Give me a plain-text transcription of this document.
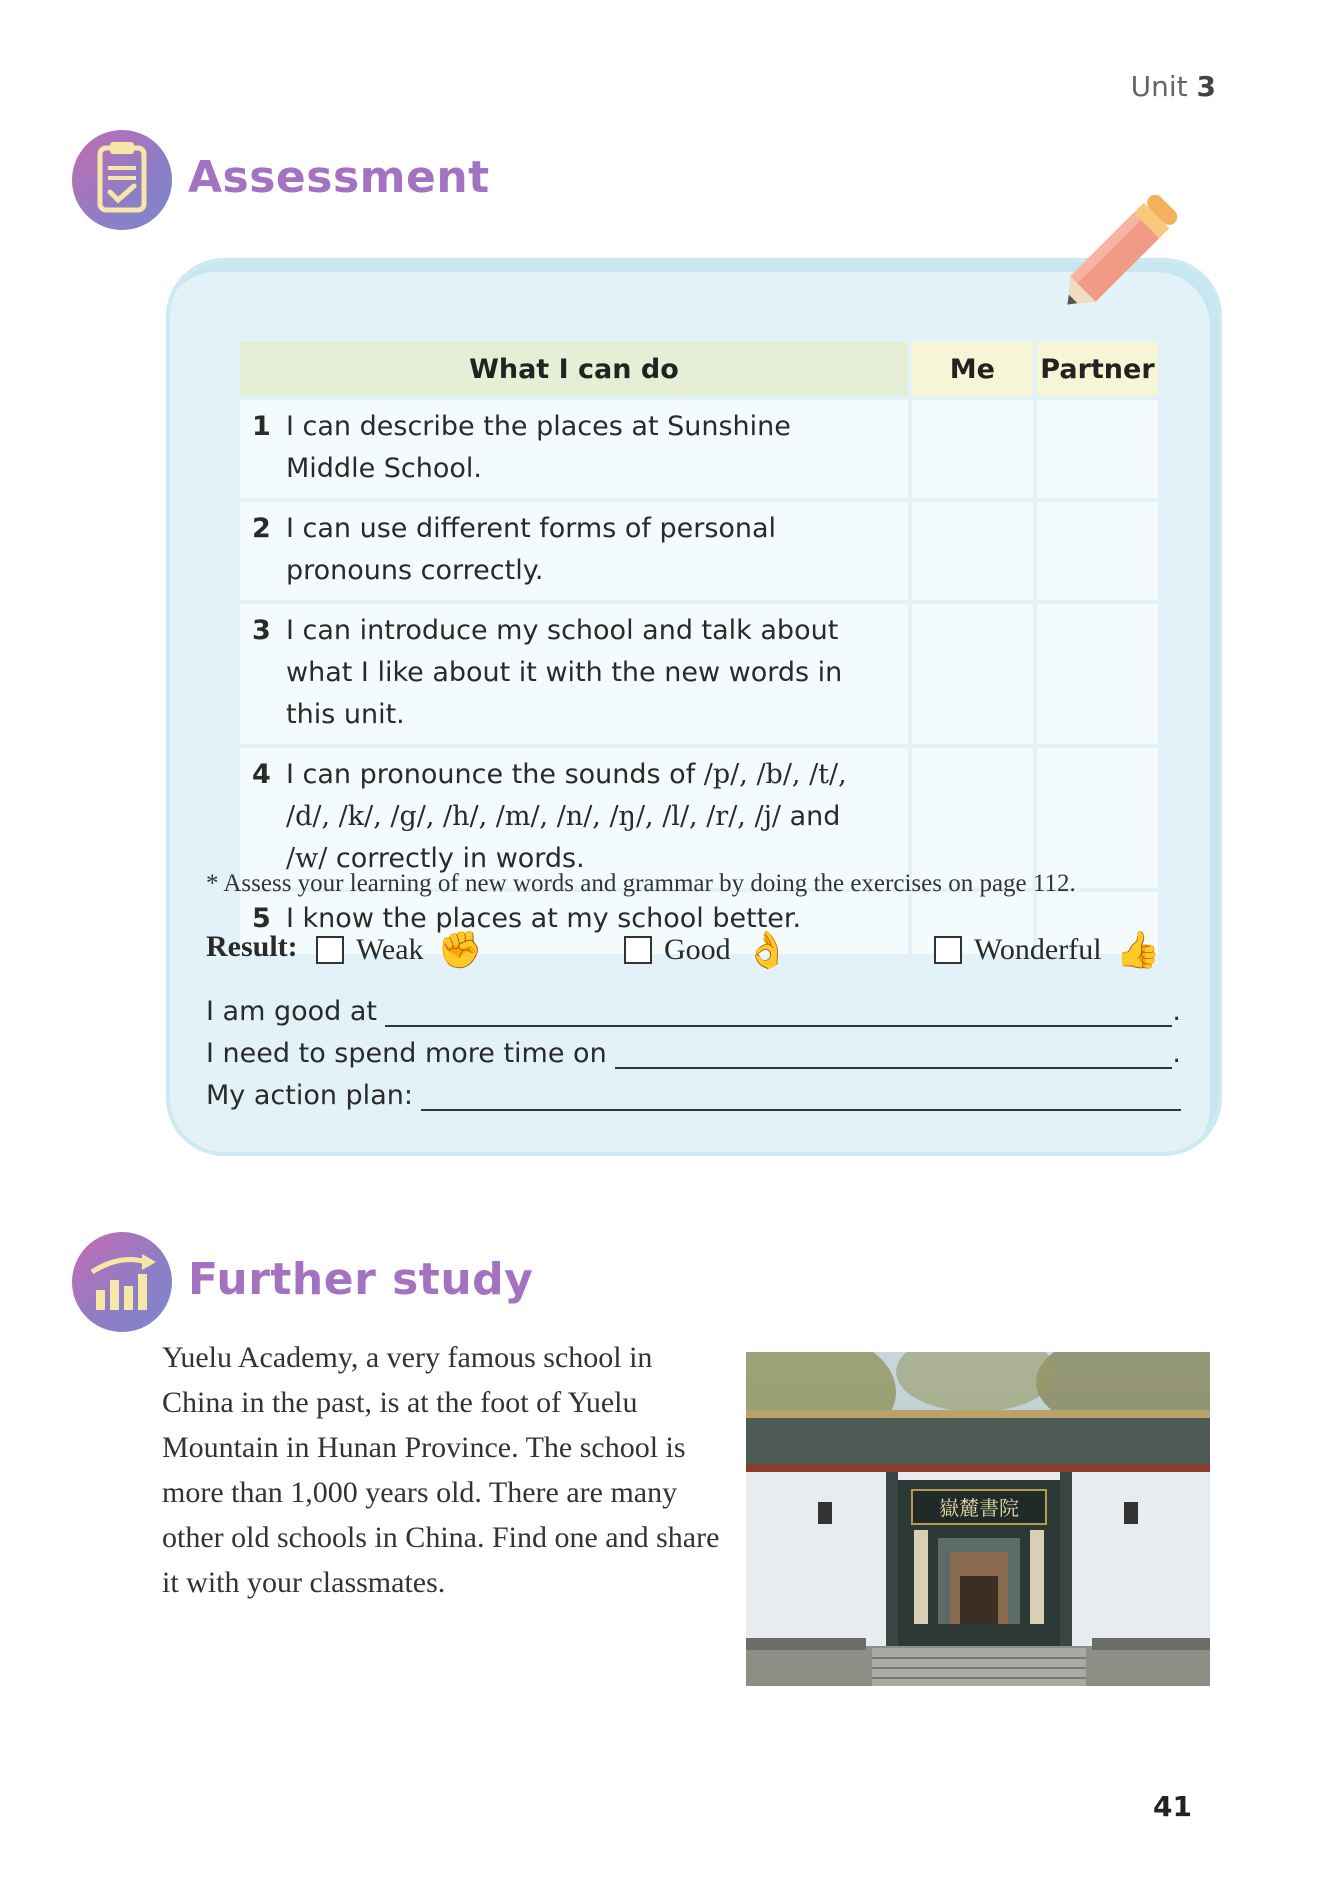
Unit 3
Assessment
What I can do	Me	Partner
1 I can describe the places at Sunshine Middle School.		
2 I can use different forms of personal pronouns correctly.		
3 I can introduce my school and talk about what I like about it with the new words in this unit.		
4 I can pronounce the sounds of /p/, /b/, /t/, /d/, /k/, /g/, /h/, /m/, /n/, /ŋ/, /l/, /r/, /j/ and /w/ correctly in words.		
5 I know the places at my school better.		
* Assess your learning of new words and grammar by doing the exercises on page 112.
Result: Weak ✊	Good 👌	Wonderful 👍
I am good at	.
I need to spend more time on	.
My action plan:
Further study
Yuelu Academy, a very famous school in China in the past, is at the foot of Yuelu Mountain in Hunan Province. The school is more than 1,000 years old. There are many other old schools in China. Find one and share it with your classmates.
嶽麓書院
41
